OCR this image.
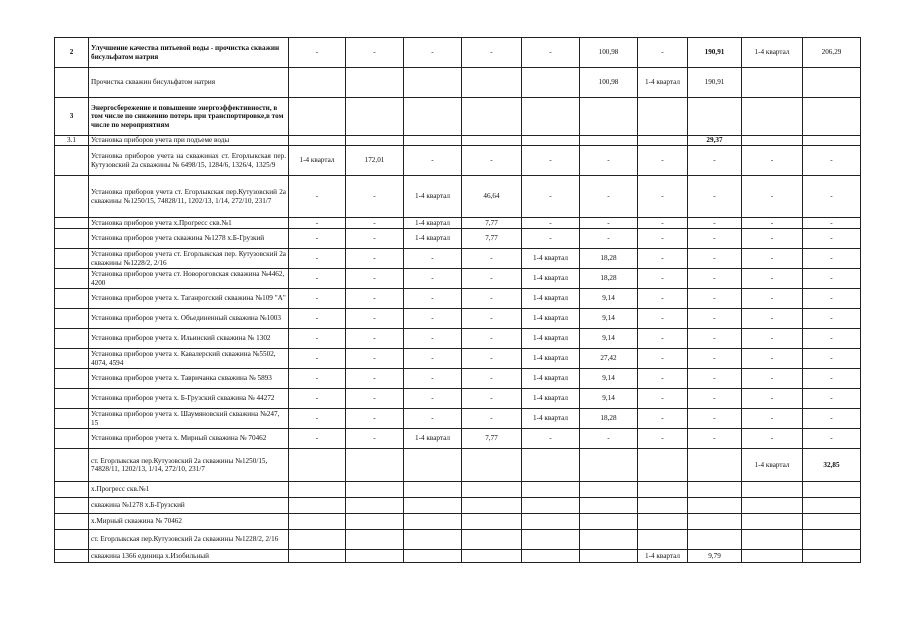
2	Улучшение качества питьевой воды - прочистка скважин бисульфатом натрия	-	-	-	-	-	100,98	-	190,91	1-4 квартал	206,29
	Прочистка скважин бисульфатом натрия						100,98	1-4 квартал	190,91		
3	Энергосбережение и повышение энергоэффективности, в том числе по снижению потерь при транспортировке,в том числе по мероприятиям										
3.1	Установка приборов учета при подъеме воды								29,37		
	Установка приборов учета на скважинах ст. Егорлыкская пер. Кутузовский 2а скважины № 6498/15, 1284/6, 1326/4, 1325/9	1-4 квартал	172,01	-	-	-	-	-	-	-	-
	Установка приборов учета ст. Егорлыкская пер.Кутузовский 2а скважины №1250/15, 74828/11, 1202/13, 1/14, 272/10, 231/7	-	-	1-4 квартал	46,64	-	-	-	-	-	-
	Установка приборов учета х.Прогресс скв.№1	-	-	1-4 квартал	7,77	-	-	-	-	-	-
	Установка приборов учета скважина №1278 х.Б-Грузкий	-	-	1-4 квартал	7,77	-	-	-	-	-	-
	Установка приборов учета ст. Егорлыкская пер. Кутузовский 2а скважины №1228/2, 2/16	-	-	-	-	1-4 квартал	18,28	-	-	-	-
	Установка приборов учета ст. Новороговская скважина №4462, 4200	-	-	-	-	1-4 квартал	18,28	-	-	-	-
	Установка приборов учета х. Таганрогский скважина №109 "А"	-	-	-	-	1-4 квартал	9,14	-	-	-	-
	Установка приборов учета х. Объединенный скважина №1003	-	-	-	-	1-4 квартал	9,14	-	-	-	-
	Установка приборов учета х. Ильинский скважина № 1302	-	-	-	-	1-4 квартал	9,14	-	-	-	-
	Установка приборов учета х. Кавалерский скважина №5502, 4074, 4594	-	-	-	-	1-4 квартал	27,42	-	-	-	-
	Установка приборов учета х. Тавричанка скважина № 5893	-	-	-	-	1-4 квартал	9,14	-	-	-	-
	Установка приборов учета х. Б-Грузский скважина № 44272	-	-	-	-	1-4 квартал	9,14	-	-	-	-
	Установка приборов учета х. Шаумяновский скважина №247, 15	-	-	-	-	1-4 квартал	18,28	-	-	-	-
	Установка приборов учета х. Мирный скважина № 70462	-	-	1-4 квартал	7,77	-	-	-	-	-	-
	ст. Егорлыкская пер.Кутузовский 2а скважины №1250/15, 74828/11, 1202/13, 1/14, 272/10, 231/7									1-4 квартал	32,85
	х.Прогресс скв.№1										
	скважина №1278 х.Б-Грузский										
	х.Мирный скважина № 70462										
	ст. Егорлыкская пер.Кутузовский 2а скважины №1228/2, 2/16										
	скважина 1366 единица х.Изобильный							1-4 квартал	9,79		
